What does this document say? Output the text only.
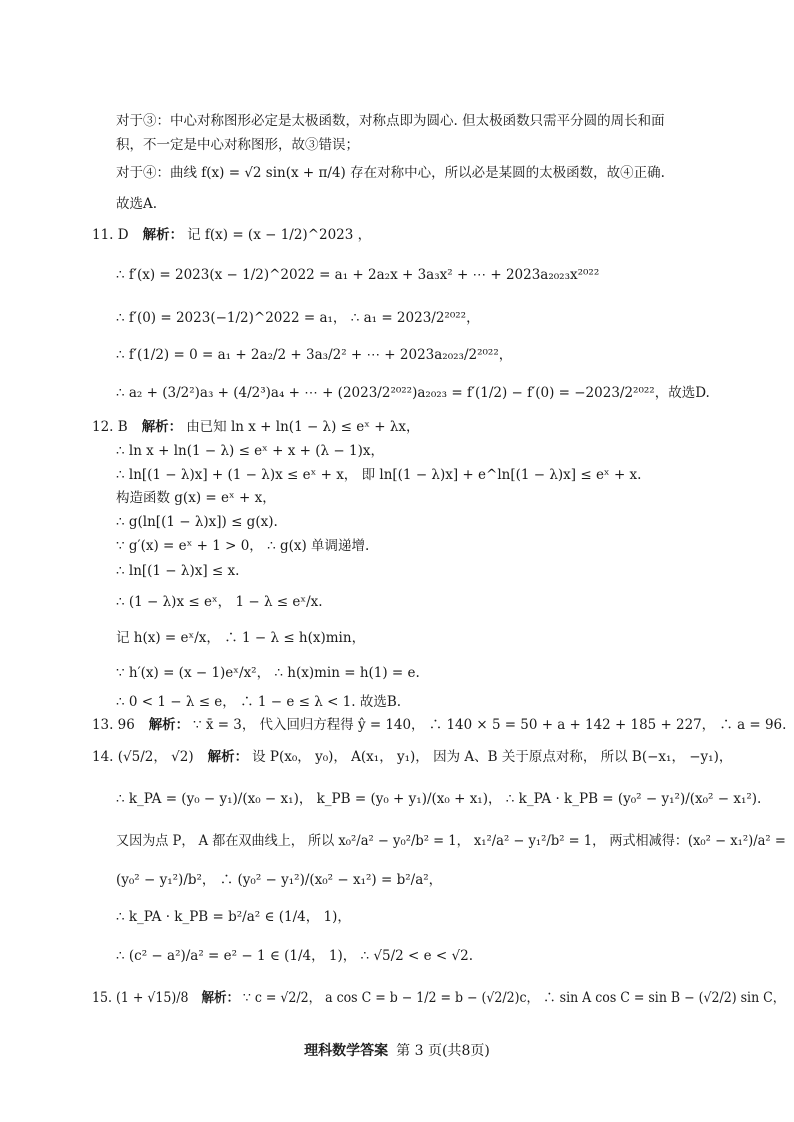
对于③：中心对称图形必定是太极函数，对称点即为圆心. 但太极函数只需平分圆的周长和面
积，不一定是中心对称图形，故③错误；
对于④：曲线 f(x) = √2 sin(x + π/4) 存在对称中心，所以必是某圆的太极函数，故④正确.
故选A.
11. D 解析： 记 f(x) = (x − 1/2)^2023 ，
∴ f′(x) = 2023(x − 1/2)^2022 = a₁ + 2a₂x + 3a₃x² + ⋯ + 2023a₂₀₂₃x²⁰²²
∴ f′(0) = 2023(−1/2)^2022 = a₁， ∴ a₁ = 2023/2²⁰²²，
∴ f′(1/2) = 0 = a₁ + 2a₂/2 + 3a₃/2² + ⋯ + 2023a₂₀₂₃/2²⁰²²，
∴ a₂ + (3/2²)a₃ + (4/2³)a₄ + ⋯ + (2023/2²⁰²²)a₂₀₂₃ = f′(1/2) − f′(0) = −2023/2²⁰²²，故选D.
12. B 解析： 由已知 ln x + ln(1 − λ) ≤ eˣ + λx，
∴ ln x + ln(1 − λ) ≤ eˣ + x + (λ − 1)x，
∴ ln[(1 − λ)x] + (1 − λ)x ≤ eˣ + x， 即 ln[(1 − λ)x] + e^ln[(1 − λ)x] ≤ eˣ + x.
构造函数 g(x) = eˣ + x，
∴ g(ln[(1 − λ)x]) ≤ g(x).
∵ g′(x) = eˣ + 1 > 0， ∴ g(x) 单调递增.
∴ ln[(1 − λ)x] ≤ x.
∴ (1 − λ)x ≤ eˣ， 1 − λ ≤ eˣ/x.
记 h(x) = eˣ/x， ∴ 1 − λ ≤ h(x)min，
∵ h′(x) = (x − 1)eˣ/x²， ∴ h(x)min = h(1) = e.
∴ 0 < 1 − λ ≤ e， ∴ 1 − e ≤ λ < 1. 故选B.
13. 96 解析： ∵ x̄ = 3， 代入回归方程得 ŷ = 140， ∴ 140 × 5 = 50 + a + 142 + 185 + 227， ∴ a = 96.
14. (√5/2， √2) 解析： 设 P(x₀， y₀)， A(x₁， y₁)， 因为 A、B 关于原点对称， 所以 B(−x₁， −y₁)，
∴ k_PA = (y₀ − y₁)/(x₀ − x₁)， k_PB = (y₀ + y₁)/(x₀ + x₁)， ∴ k_PA · k_PB = (y₀² − y₁²)/(x₀² − x₁²).
又因为点 P， A 都在双曲线上， 所以 x₀²/a² − y₀²/b² = 1， x₁²/a² − y₁²/b² = 1， 两式相减得：(x₀² − x₁²)/a² =
(y₀² − y₁²)/b²， ∴ (y₀² − y₁²)/(x₀² − x₁²) = b²/a²，
∴ k_PA · k_PB = b²/a² ∈ (1/4， 1)，
∴ (c² − a²)/a² = e² − 1 ∈ (1/4， 1)， ∴ √5/2 < e < √2.
15. (1 + √15)/8 解析： ∵ c = √2/2， a cos C = b − 1/2 = b − (√2/2)c， ∴ sin A cos C = sin B − (√2/2) sin C，
理科数学答案 第 3 页(共8页)
